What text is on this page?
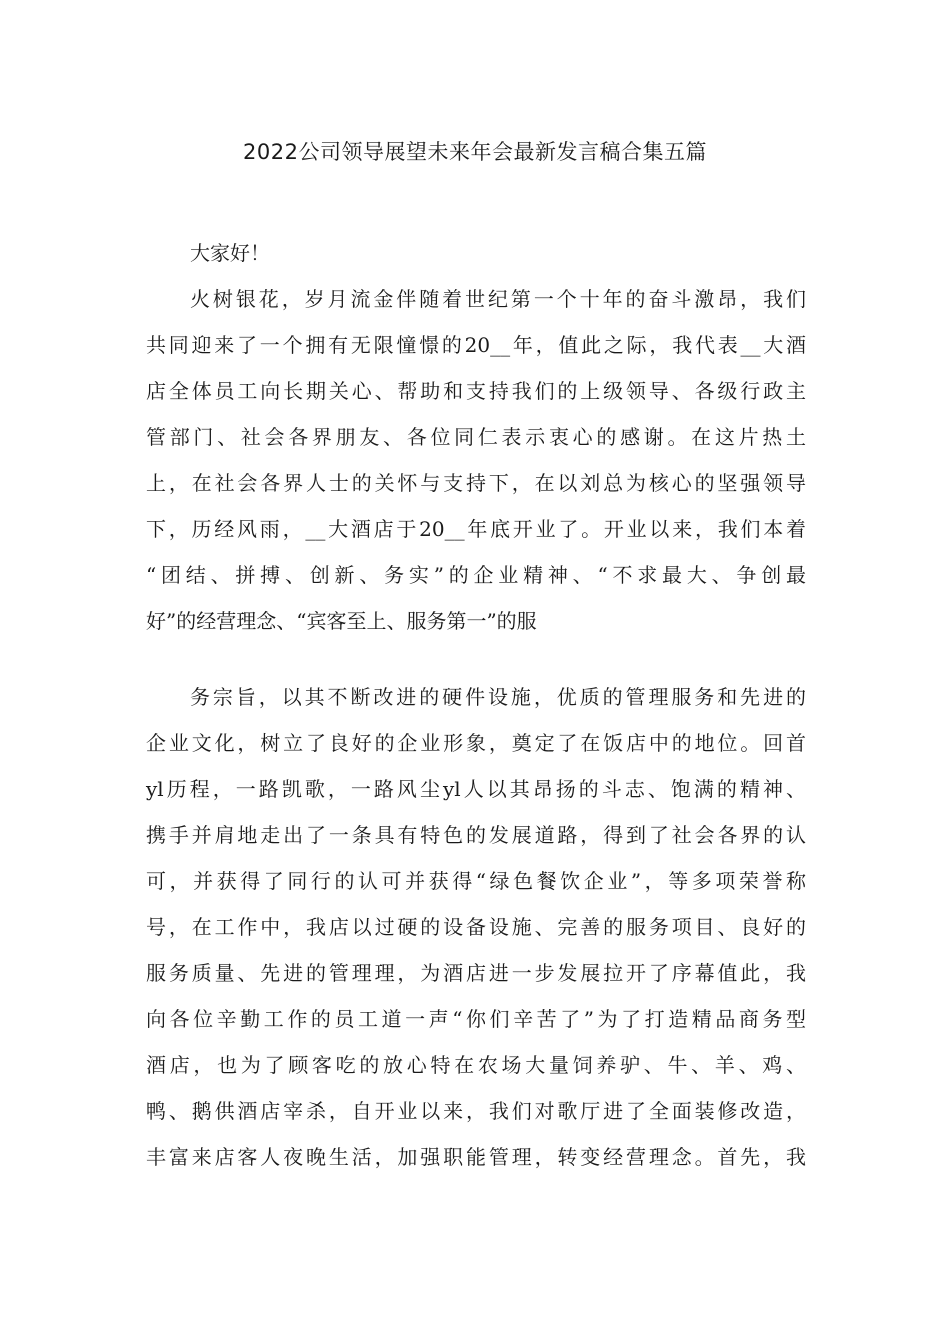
2022公司领导展望未来年会最新发言稿合集五篇
大家好！
火树银花，岁月流金伴随着世纪第一个十年的奋斗激昂，我们
共同迎来了一个拥有无限憧憬的20__年，值此之际，我代表__大酒
店全体员工向长期关心、帮助和支持我们的上级领导、各级行政主
管部门、社会各界朋友、各位同仁表示衷心的感谢。在这片热土
上，在社会各界人士的关怀与支持下，在以刘总为核心的坚强领导
下，历经风雨，__大酒店于20__年底开业了。开业以来，我们本着
“团结、拼搏、创新、务实”的企业精神、“不求最大、争创最
好”的经营理念、“宾客至上、服务第一”的服
务宗旨，以其不断改进的硬件设施，优质的管理服务和先进的
企业文化，树立了良好的企业形象，奠定了在饭店中的地位。回首
yl历程，一路凯歌，一路风尘yl人以其昂扬的斗志、饱满的精神、
携手并肩地走出了一条具有特色的发展道路，得到了社会各界的认
可，并获得了同行的认可并获得“绿色餐饮企业”，等多项荣誉称
号，在工作中，我店以过硬的设备设施、完善的服务项目、良好的
服务质量、先进的管理理，为酒店进一步发展拉开了序幕值此，我
向各位辛勤工作的员工道一声“你们辛苦了”为了打造精品商务型
酒店，也为了顾客吃的放心特在农场大量饲养驴、牛、羊、鸡、
鸭、鹅供酒店宰杀，自开业以来，我们对歌厅进了全面装修改造，
丰富来店客人夜晚生活，加强职能管理，转变经营理念。首先，我
